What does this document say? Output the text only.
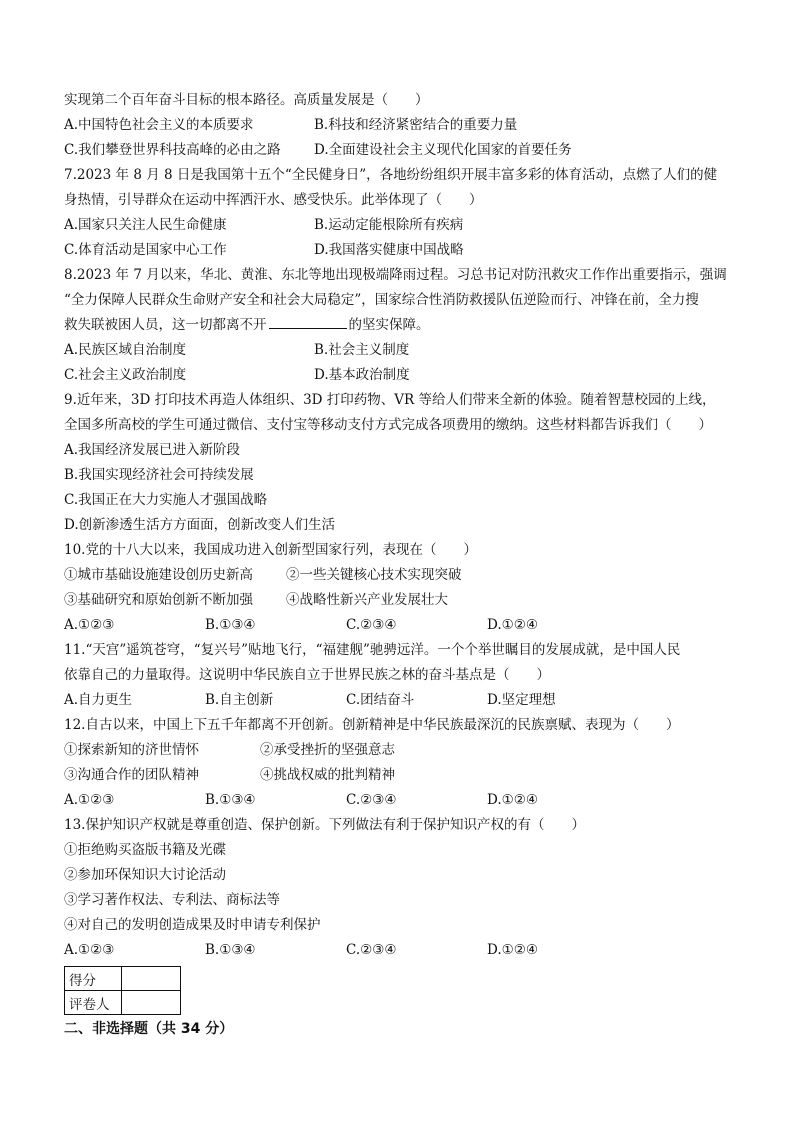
实现第二个百年奋斗目标的根本路径。高质量发展是（　　）
A.中国特色社会主义的本质要求	B.科技和经济紧密结合的重要力量
C.我们攀登世界科技高峰的必由之路	D.全面建设社会主义现代化国家的首要任务
7.2023 年 8 月 8 日是我国第十五个“全民健身日”，各地纷纷组织开展丰富多彩的体育活动，点燃了人们的健
身热情，引导群众在运动中挥洒汗水、感受快乐。此举体现了（　　）
A.国家只关注人民生命健康	B.运动定能根除所有疾病
C.体育活动是国家中心工作	D.我国落实健康中国战略
8.2023 年 7 月以来，华北、黄淮、东北等地出现极端降雨过程。习总书记对防汛救灾工作作出重要指示，强调
“全力保障人民群众生命财产安全和社会大局稳定”，国家综合性消防救援队伍逆险而行、冲锋在前，全力搜
救失联被困人员，这一切都离不开	的坚实保障。
A.民族区域自治制度	B.社会主义制度
C.社会主义政治制度	D.基本政治制度
9.近年来，3D 打印技术再造人体组织、3D 打印药物、VR 等给人们带来全新的体验。随着智慧校园的上线，
全国多所高校的学生可通过微信、支付宝等移动支付方式完成各项费用的缴纳。这些材料都告诉我们（　　）
A.我国经济发展已进入新阶段
B.我国实现经济社会可持续发展
C.我国正在大力实施人才强国战略
D.创新渗透生活方方面面，创新改变人们生活
10.党的十八大以来，我国成功进入创新型国家行列，表现在（　　）
①城市基础设施建设创历史新高	②一些关键核心技术实现突破
③基础研究和原始创新不断加强	④战略性新兴产业发展壮大
A.①②③	B.①③④	C.②③④	D.①②④
11.“天宫”遥筑苍穹，“复兴号”贴地飞行，“福建舰”驰骋远洋。一个个举世瞩目的发展成就，是中国人民
依靠自己的力量取得。这说明中华民族自立于世界民族之林的奋斗基点是（　　）
A.自力更生	B.自主创新	C.团结奋斗	D.坚定理想
12.自古以来，中国上下五千年都离不开创新。创新精神是中华民族最深沉的民族禀赋、表现为（　　）
①探索新知的济世情怀	②承受挫折的坚强意志
③沟通合作的团队精神	④挑战权威的批判精神
A.①②③	B.①③④	C.②③④	D.①②④
13.保护知识产权就是尊重创造、保护创新。下列做法有利于保护知识产权的有（　　）
①拒绝购买盗版书籍及光碟
②参加环保知识大讨论活动
③学习著作权法、专利法、商标法等
④对自己的发明创造成果及时申请专利保护
A.①②③	B.①③④	C.②③④	D.①②④
得分	
评卷人	
二、非选择题（共 34 分）
